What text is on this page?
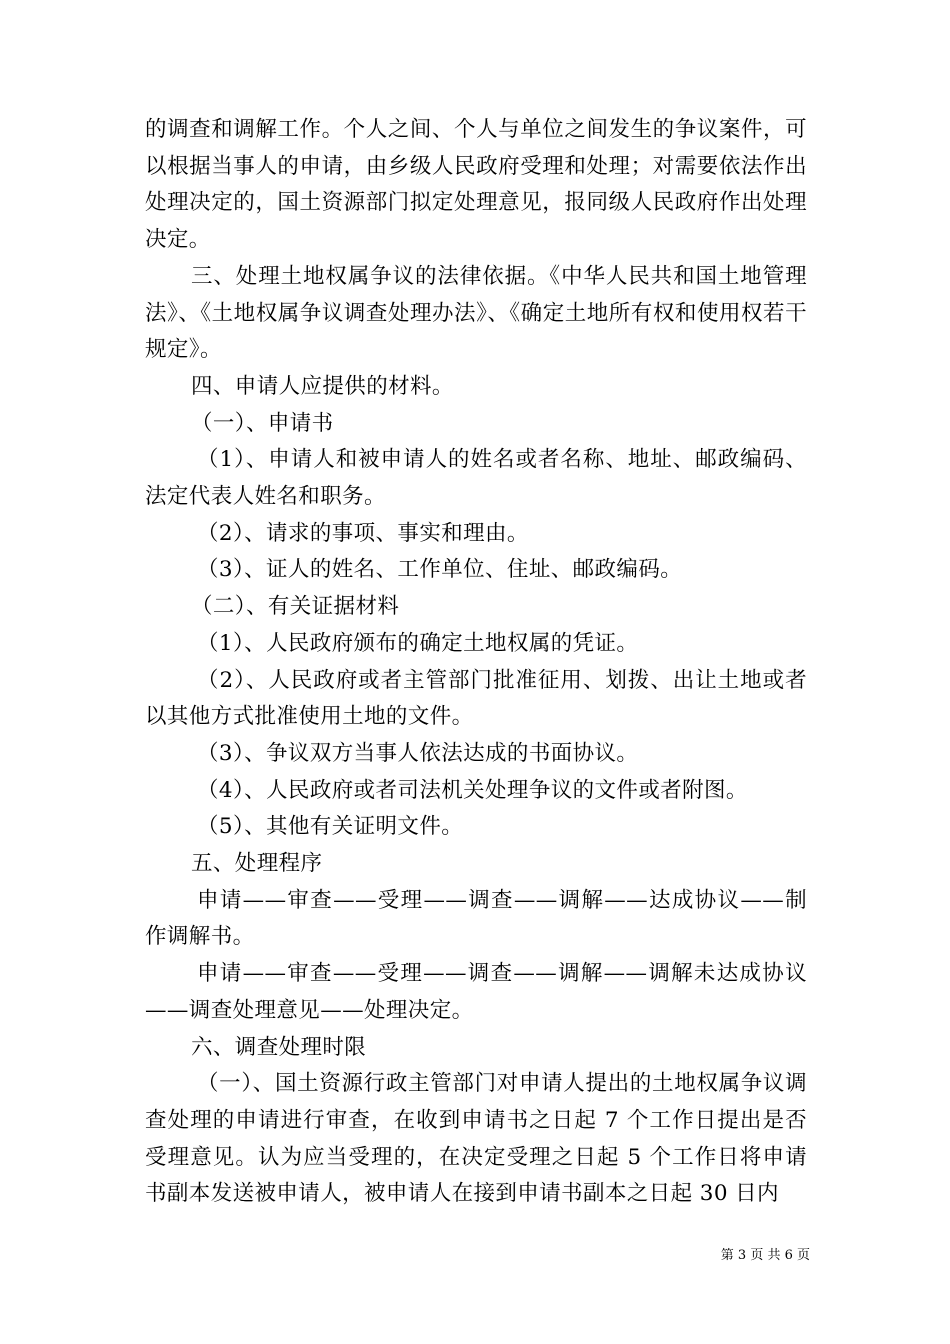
的调查和调解工作。个人之间、个人与单位之间发生的争议案件，可以根据当事人的申请，由乡级人民政府受理和处理；对需要依法作出处理决定的，国土资源部门拟定处理意见，报同级人民政府作出处理决定。

三、处理土地权属争议的法律依据。《中华人民共和国土地管理法》、《土地权属争议调查处理办法》、《确定土地所有权和使用权若干规定》。

四、申请人应提供的材料。

（一）、申请书

（1）、申请人和被申请人的姓名或者名称、地址、邮政编码、法定代表人姓名和职务。

（2）、请求的事项、事实和理由。

（3）、证人的姓名、工作单位、住址、邮政编码。

（二）、有关证据材料

（1）、人民政府颁布的确定土地权属的凭证。

（2）、人民政府或者主管部门批准征用、划拨、出让土地或者以其他方式批准使用土地的文件。

（3）、争议双方当事人依法达成的书面协议。

（4）、人民政府或者司法机关处理争议的文件或者附图。

（5）、其他有关证明文件。

五、处理程序

申请——审查——受理——调查——调解——达成协议——制作调解书。

申请——审查——受理——调查——调解——调解未达成协议——调查处理意见——处理决定。

六、调查处理时限

（一）、国土资源行政主管部门对申请人提出的土地权属争议调查处理的申请进行审查，在收到申请书之日起 7 个工作日提出是否受理意见。认为应当受理的，在决定受理之日起 5 个工作日将申请书副本发送被申请人，被申请人在接到申请书副本之日起 30 日内

第 3 页 共 6 页
